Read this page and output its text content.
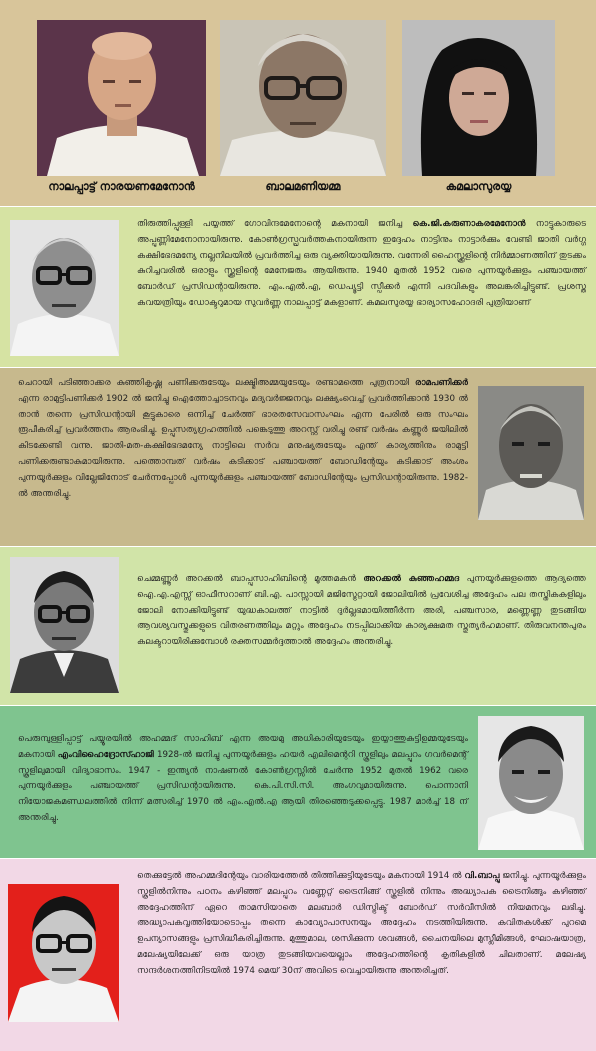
നാലപ്പാട്ട് നാരയണമേനോൻ	ബാലമണിയമ്മ	കമലാസുരയ്യ
തിരുത്തിപ്പുള്ളി പയ്യത്ത് ഗോവിന്ദമേനോന്റെ മകനായി ജനിച്ച കെ.ജി.കരുണാകരമേനോൻ നാട്ടുകാരുടെ അപ്പുണ്ണിമേനോനായിരുന്നു. കോൺഗ്രസ്പ്രവർത്തകനായിരുന്ന ഇദ്ദേഹം നാട്ടിനും നാട്ടാർക്കും വേണ്ടി ജാതി വർഗ്ഗ കക്ഷിഭേദമന്യേ നല്ലനിലയിൽ പ്രവർത്തിച്ച ഒരു വ്യക്തിയായിരുന്നു. വന്നേരി ഹൈസ്ക്കൂളിന്റെ നിർമ്മാണത്തിന് തുടക്കം കുറിച്ചവരിൽ ഒരാളും സ്ക്കൂളിന്റെ മേനേജരും ആയിരുന്നു. 1940 മുതൽ 1952 വരെ പുന്നയൂർക്കുളം പഞ്ചായത്ത് ബോർഡ് പ്രസിഡന്റായിരുന്നു. എം.എൽ.എ, ഡെപ്യൂട്ടി സ്പീക്കർ എന്നി പദവികളും അലങ്കരിച്ചിട്ടുണ്ട്. പ്രശസ്ത കവയത്രിയും ഡോക്ടറുമായ സുവർണ്ണ നാലപ്പാട്ട് മകളാണ്. കമലസുരയ്യ ഭാര്യാസഹോദരി പുത്രിയാണ്
ചെറായി പടിഞ്ഞാക്കര കുഞ്ഞികൃഷ്ണ പണിക്കരുടേയും ലക്ഷ്മിഅമ്മയുടേയും രണ്ടാമത്തെ പുത്രനായി രാമപണിക്കർ എന്ന രാമുട്ടിപണിക്കർ 1902 ൽ ജനിച്ചു ഐത്തോച്ചാടനവും മദ്യവർജ്ജനവും ലക്ഷ്യംവെച്ച് പ്രവർത്തിക്കാൻ 1930 ൽ താൻ തന്നെ പ്രസിഡന്റായി കൂട്ടുകാരെ ഒന്നിച്ച് ചേർത്ത് ഭാരതസേവാസംഘം എന്ന പേരിൽ ഒരു സംഘം രൂപീകരിച്ച് പ്രവർത്തനം ആരംഭിച്ചു. ഉപ്പുസത്യഗ്രഹത്തിൽ പങ്കെടുത്തു അറസ്റ്റ് വരിച്ചു രണ്ട് വർഷം കണ്ണൂർ ജയിലിൽ കിടക്കേണ്ടി വന്നു. ജാതി-മത-കക്ഷിഭേദമന്യേ നാട്ടിലെ സർവ മനുഷ്യരുടേയും എന്ത് കാര്യത്തിനും രാമുട്ടി പണിക്കരുണ്ടാകുമായിരുന്നു. പത്തൊമ്പത് വർഷം കടിക്കാട് പഞ്ചായത്ത് ബോഡിന്റേയും കടിക്കാട് അംശം പുന്നയൂർക്കുളം വില്ലേജിനോട് ചേർന്നപ്പോൾ പുന്നയൂർക്കുളം പഞ്ചായത്ത് ബോഡിന്റേയും പ്രസിഡന്റായിരുന്നു. 1982-ൽ അന്തരിച്ചു.
ചെമ്മണ്ണൂർ അറക്കൽ ബാപ്പുസാഹിബിന്റെ മൂത്തമകൻ അറക്കൽ കുഞ്ഞഹമ്മദ പുന്നയൂർക്കുളത്തെ ആദ്യത്തെ ഐ.എ.എസ്സ് ഓഫീസറാണ് ബി.എ. പാസ്സായി മജിസ്ട്രേറ്റായി ജോലിയിൽ പ്രവേശിച്ച അദ്ദേഹം പല തസ്തികകളിലും ജോലി നോക്കിയിട്ടുണ്ട് യുദ്ധകാലത്ത് നാട്ടിൽ ദുർല്ലഭമായിത്തീർന്ന അരി, പഞ്ചസാര, മണ്ണെണ്ണ തുടങ്ങിയ ആവശ്യവസ്തുക്കളുടെ വിതരണത്തിലും മറ്റും അദ്ദേഹം നടപ്പിലാക്കിയ കാര്യക്ഷമത സ്തുത്യർഹമാണ്. തിരുവനന്തപുരം കലക്ടറായിരിക്കുമ്പോൾ രക്തസമ്മർദ്ദത്താൽ അദ്ദേഹം അന്തരിച്ചു.
പെരുമ്പുള്ളിപ്പാട്ട് പയ്യൂരയിൽ അഹമ്മദ് സാഹിബ് എന്ന അയമു അധികാരിയുടേയും ഇയ്യാത്തുകുട്ടിഉമ്മയുടേയും മകനായി എംവിഹൈദ്രോസ്ഹാജി 1928-ൽ ജനിച്ചു പുന്നയൂർക്കുളം ഹയർ എലിമെന്ററി സ്കൂളിലും മലപ്പുറം ഗവർമെന്റ് സ്കൂളിലുമായി വിദ്യാഭാസം. 1947 - ഇന്ത്യൻ നാഷണൽ കോൺഗ്രസ്സിൽ ചേർന്നു 1952 മുതൽ 1962 വരെ പുന്നയൂർക്കുളം പഞ്ചായത്ത് പ്രസിഡന്റായിരുന്നു. കെ.പി.സി.സി. അംഗവുമായിരുന്നു. പൊന്നാനി നിയോജകമണ്ഡലത്തിൽ നിന്ന് മത്സരിച്ച് 1970 ൽ എം.എൽ.എ ആയി തിരഞ്ഞെടുക്കപ്പെട്ടു. 1987 മാർച്ച് 18 ന് അന്തരിച്ചു.
തെക്കുട്ടേൽ അഹമ്മദിന്റേയും വാരിയത്തേൽ തിത്തിക്കുട്ടിയുടേയും മകനായി 1914 ൽ വി.ബാപ്പു ജനിച്ചു. പുന്നയൂർക്കുളം സ്കൂളിൽനിന്നും പഠനം കഴിഞ്ഞ് മലപ്പുറം വണ്ണേറ്റ് ട്രൈനിങ്ങ് സ്കൂളിൽ നിന്നും അദ്ധ്യാപക ട്രൈനിങ്ങും കഴിഞ്ഞ് അദ്ദേഹത്തിന് ഏറെ താമസിയാതെ മലബാർ ഡിസ്ട്രിക്ട് ബോർഡ് സർവീസിൽ നിയമനവും ലഭിച്ചു. അദ്ധ്യാപകവൃത്തിയോടൊപ്പം തന്നെ കാവ്യോപാസനയും അദ്ദേഹം നടത്തിയിരുന്നു. കവിതകൾക്ക് പുറമെ ഉപന്യാസങ്ങളും പ്രസിദ്ധീകരിച്ചിരുന്നു. മുത്തുമാല, ശസിക്കുന്ന ശവങ്ങൾ, ചൈനയിലെ മുസ്ലീമിങ്ങൾ, ഘോഷയാത്ര, മലേഷ്യയിലേക്ക് ഒരു യാത്ര തുടങ്ങിയവയെല്ലാം അദ്ദേഹത്തിന്റെ കൃതികളിൽ ചിലതാണ്. മലേഷ്യ സന്ദർശനത്തിനിടയിൽ 1974 മെയ് 30ന് അവിടെ വെച്ചായിരുന്നു അന്തരിച്ചത്.
